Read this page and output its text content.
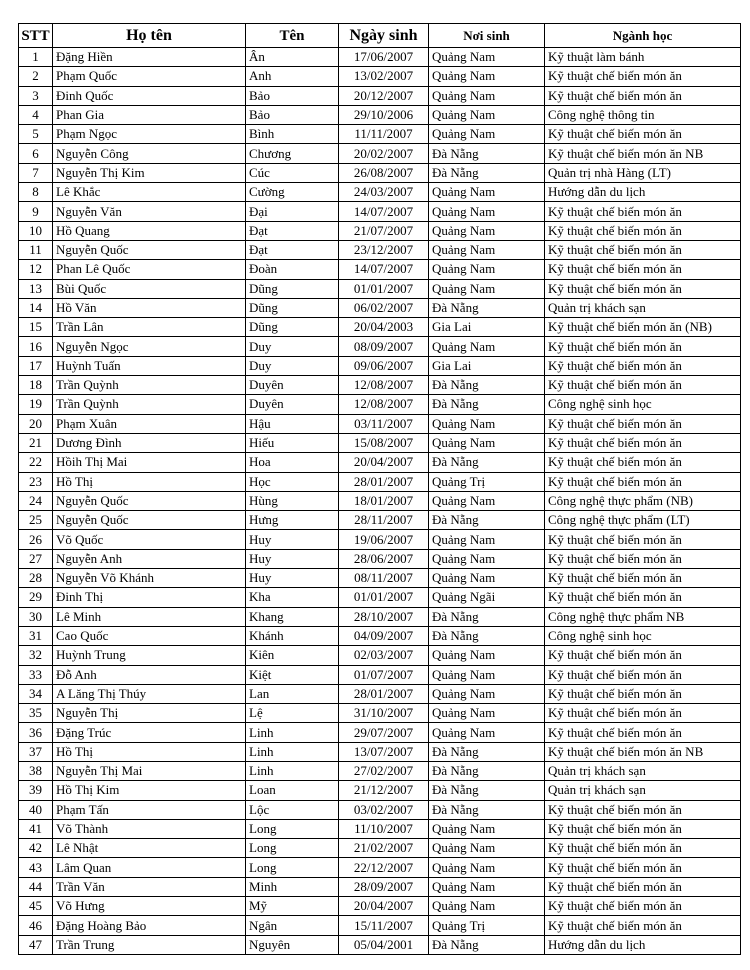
STT	Họ tên	Tên	Ngày sinh	Nơi sinh	Ngành học
1	Đặng Hiền	Ân	17/06/2007	Quảng Nam	Kỹ thuật làm bánh
2	Phạm Quốc	Anh	13/02/2007	Quảng Nam	Kỹ thuật chế biến món ăn
3	Đinh Quốc	Bảo	20/12/2007	Quảng Nam	Kỹ thuật chế biến món ăn
4	Phan Gia	Bảo	29/10/2006	Quảng Nam	Công nghệ thông tin
5	Phạm Ngọc	Bình	11/11/2007	Quảng Nam	Kỹ thuật chế biến món ăn
6	Nguyễn Công	Chương	20/02/2007	Đà Nẵng	Kỹ thuật chế biến món ăn NB
7	Nguyễn Thị Kim	Cúc	26/08/2007	Đà Nẵng	Quản trị nhà Hàng (LT)
8	Lê Khắc	Cường	24/03/2007	Quảng Nam	Hướng dẫn du lịch
9	Nguyễn Văn	Đại	14/07/2007	Quảng Nam	Kỹ thuật chế biến món ăn
10	Hồ Quang	Đạt	21/07/2007	Quảng Nam	Kỹ thuật chế biến món ăn
11	Nguyễn Quốc	Đạt	23/12/2007	Quảng Nam	Kỹ thuật chế biến món ăn
12	Phan Lê Quốc	Đoàn	14/07/2007	Quảng Nam	Kỹ thuật chế biến món ăn
13	Bùi Quốc	Dũng	01/01/2007	Quảng Nam	Kỹ thuật chế biến món ăn
14	Hồ Văn	Dũng	06/02/2007	Đà Nẵng	Quản trị khách sạn
15	Trần Lân	Dũng	20/04/2003	Gia Lai	Kỹ thuật chế biến món ăn (NB)
16	Nguyễn Ngọc	Duy	08/09/2007	Quảng Nam	Kỹ thuật chế biến món ăn
17	Huỳnh Tuấn	Duy	09/06/2007	Gia Lai	Kỹ thuật chế biến món ăn
18	Trần Quỳnh	Duyên	12/08/2007	Đà Nẵng	Kỹ thuật chế biến món ăn
19	Trần Quỳnh	Duyên	12/08/2007	Đà Nẵng	Công nghệ sinh học
20	Phạm Xuân	Hậu	03/11/2007	Quảng Nam	Kỹ thuật chế biến món ăn
21	Dương Đình	Hiếu	15/08/2007	Quảng Nam	Kỹ thuật chế biến món ăn
22	Hồih Thị Mai	Hoa	20/04/2007	Đà Nẵng	Kỹ thuật chế biến món ăn
23	Hồ Thị	Học	28/01/2007	Quảng Trị	Kỹ thuật chế biến món ăn
24	Nguyễn Quốc	Hùng	18/01/2007	Quảng Nam	Công nghệ thực phẩm (NB)
25	Nguyễn Quốc	Hưng	28/11/2007	Đà Nẵng	Công nghệ thực phẩm (LT)
26	Võ Quốc	Huy	19/06/2007	Quảng Nam	Kỹ thuật chế biến món ăn
27	Nguyễn Anh	Huy	28/06/2007	Quảng Nam	Kỹ thuật chế biến món ăn
28	Nguyễn Võ Khánh	Huy	08/11/2007	Quảng Nam	Kỹ thuật chế biến món ăn
29	Đinh Thị	Kha	01/01/2007	Quảng Ngãi	Kỹ thuật chế biến món ăn
30	Lê Minh	Khang	28/10/2007	Đà Nẵng	Công nghệ thực phẩm NB
31	Cao Quốc	Khánh	04/09/2007	Đà Nẵng	Công nghệ sinh học
32	Huỳnh Trung	Kiên	02/03/2007	Quảng Nam	Kỹ thuật chế biến món ăn
33	Đỗ Anh	Kiệt	01/07/2007	Quảng Nam	Kỹ thuật chế biến món ăn
34	A Lăng Thị Thúy	Lan	28/01/2007	Quảng Nam	Kỹ thuật chế biến món ăn
35	Nguyễn Thị	Lệ	31/10/2007	Quảng Nam	Kỹ thuật chế biến món ăn
36	Đặng Trúc	Linh	29/07/2007	Quảng Nam	Kỹ thuật chế biến món ăn
37	Hồ Thị	Linh	13/07/2007	Đà Nẵng	Kỹ thuật chế biến món ăn NB
38	Nguyễn Thị Mai	Linh	27/02/2007	Đà Nẵng	Quản trị khách sạn
39	Hồ Thị Kim	Loan	21/12/2007	Đà Nẵng	Quản trị khách sạn
40	Phạm Tấn	Lộc	03/02/2007	Đà Nẵng	Kỹ thuật chế biến món ăn
41	Võ Thành	Long	11/10/2007	Quảng Nam	Kỹ thuật chế biến món ăn
42	Lê Nhật	Long	21/02/2007	Quảng Nam	Kỹ thuật chế biến món ăn
43	Lâm Quan	Long	22/12/2007	Quảng Nam	Kỹ thuật chế biến món ăn
44	Trần Văn	Minh	28/09/2007	Quảng Nam	Kỹ thuật chế biến món ăn
45	Võ Hưng	Mỹ	20/04/2007	Quảng Nam	Kỹ thuật chế biến món ăn
46	Đặng Hoàng Bảo	Ngân	15/11/2007	Quảng Trị	Kỹ thuật chế biến món ăn
47	Trần Trung	Nguyên	05/04/2001	Đà Nẵng	Hướng dẫn du lịch
